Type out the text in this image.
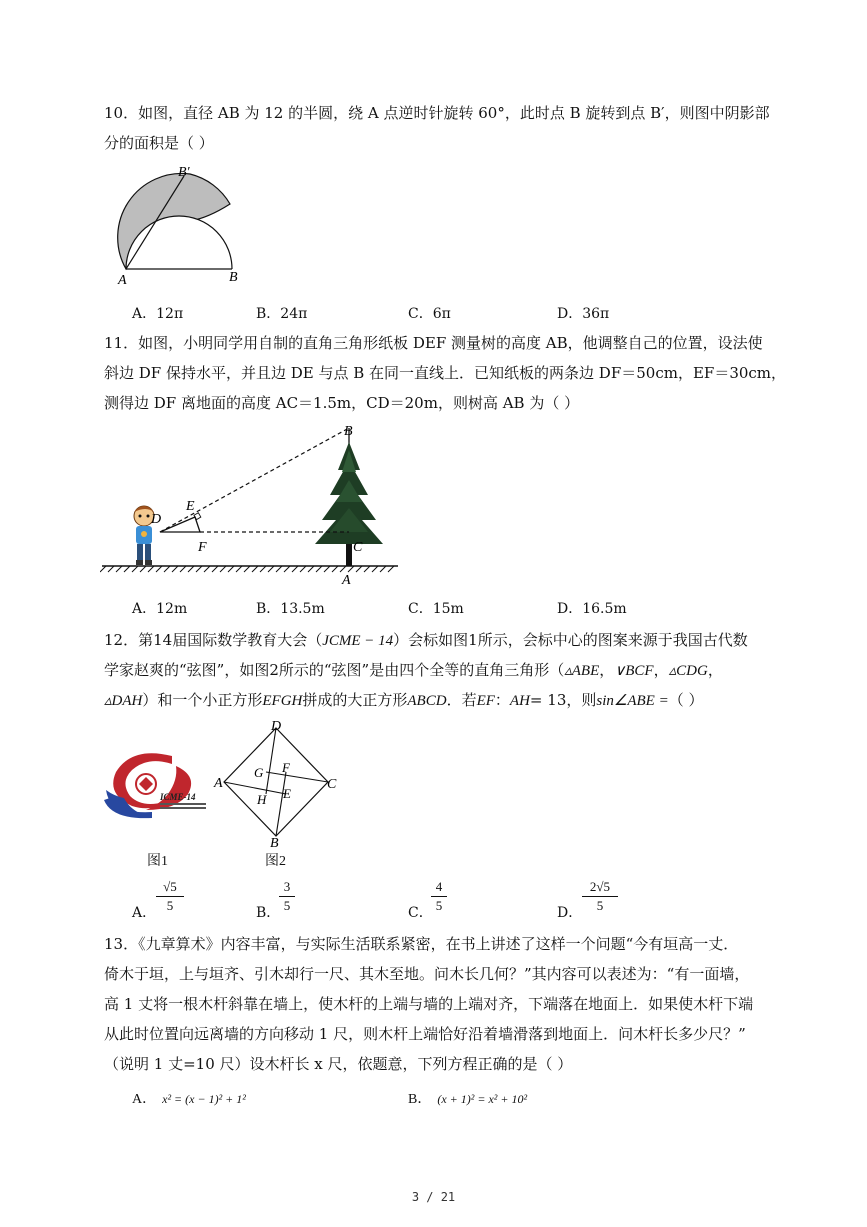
10．如图，直径 AB 为 12 的半圆，绕 A 点逆时针旋转 60°，此时点 B 旋转到点 B′，则图中阴影部
分的面积是（ ）
A	B
B′
A．12π	B．24π	C．6π	D．36π
11．如图，小明同学用自制的直角三角形纸板 DEF 测量树的高度 AB，他调整自己的位置，设法使
斜边 DF 保持水平，并且边 DE 与点 B 在同一直线上．已知纸板的两条边 DF＝50cm，EF＝30cm，
测得边 DF 离地面的高度 AC＝1.5m，CD＝20m，则树高 AB 为（ ）
B
E
D
F	C
A
A．12m	B．13.5m	C．15m	D．16.5m
12．第14届国际数学教育大会（JCME − 14）会标如图1所示，会标中心的图案来源于我国古代数
学家赵爽的“弦图”，如图2所示的“弦图”是由四个全等的直角三角形（▵ABE，∨BCF，▵CDG，
▵DAH）和一个小正方形EFGH拼成的大正方形ABCD．若EF：AH= 13，则sin∠ABE =（ ）
ICME-14
图1
D
A
G F
C
H E
B
图2
A．
√5
5	B．
3
5	C．
4
5	D．
2√5
5
13．《九章算术》内容丰富，与实际生活联系紧密，在书上讲述了这样一个问题“今有垣高一丈．
倚木于垣，上与垣齐、引木却行一尺、其木至地。问木长几何？”其内容可以表述为：“有一面墙，
高 1 丈将一根木杆斜靠在墙上，使木杆的上端与墙的上端对齐，下端落在地面上．如果使木杆下端
从此时位置向远离墙的方向移动 1 尺，则木杆上端恰好沿着墙滑落到地面上．问木杆长多少尺？”
（说明 1 丈=10 尺）设木杆长 x 尺，依题意，下列方程正确的是（ ）
A． x² = (x − 1)² + 1²	B． (x + 1)² = x² + 10²
3 / 21
